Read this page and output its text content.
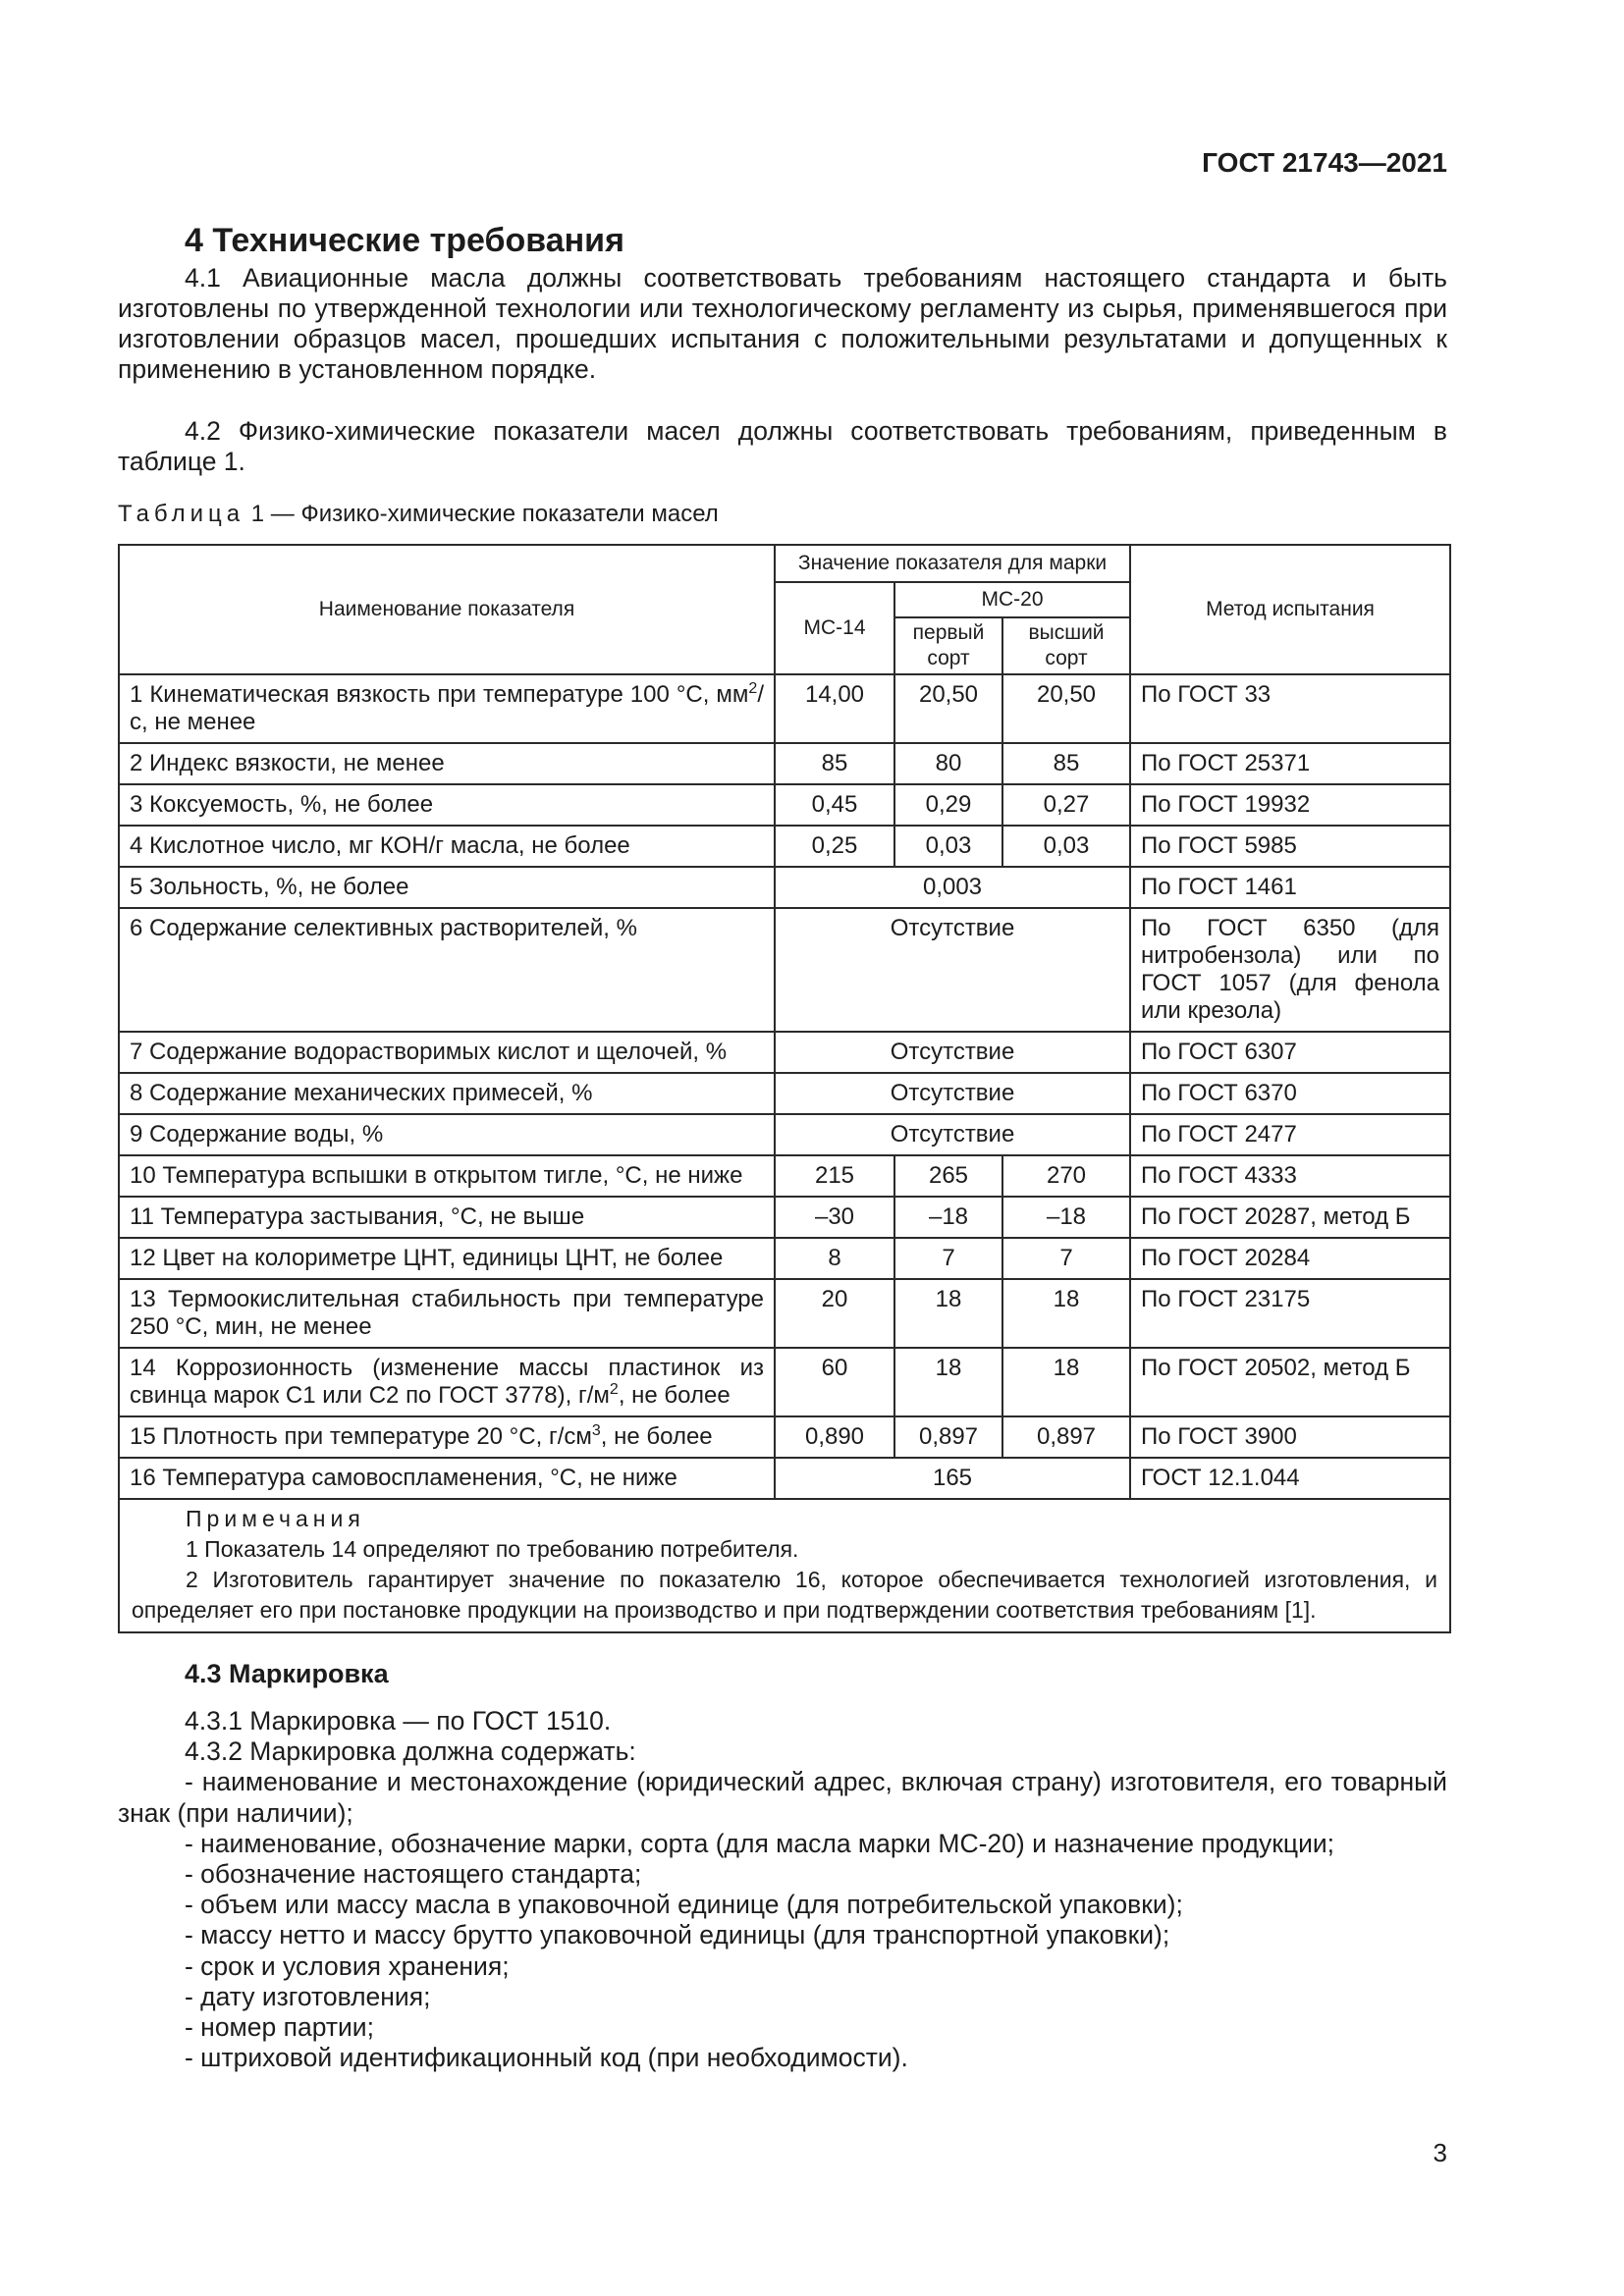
ГОСТ 21743—2021
4 Технические требования

4.1 Авиационные масла должны соответствовать требованиям настоящего стандарта и быть изготовлены по утвержденной технологии или технологическому регламенту из сырья, применявшегося при изготовлении образцов масел, прошедших испытания с положительными результатами и допущенных к применению в установленном порядке.

4.2 Физико-химические показатели масел должны соответствовать требованиям, приведенным в таблице 1.

Таблица 1 — Физико-химические показатели масел
Наименование показателя	Значение показателя для марки			Метод испытания
	МС-14	МС-20		
		первый сорт	высший сорт	
1 Кинематическая вязкость при температуре 100 °C, $мм^2/с$, не менее	14,00	20,50	20,50	По ГОСТ 33
2 Индекс вязкости, не менее	85	80	85	По ГОСТ 25371
3 Коксуемость, %, не более	0,45	0,29	0,27	По ГОСТ 19932
4 Кислотное число, мг КОН/г масла, не более	0,25	0,03	0,03	По ГОСТ 5985
5 Зольность, %, не более	0,003			По ГОСТ 1461
6 Содержание селективных растворителей, %	Отсутствие			По ГОСТ 6350 (для нитробензола) или по ГОСТ 1057 (для фенола или крезола)
7 Содержание водорастворимых кислот и щелочей, %	Отсутствие			По ГОСТ 6307
8 Содержание механических примесей, %	Отсутствие			По ГОСТ 6370
9 Содержание воды, %	Отсутствие			По ГОСТ 2477
10 Температура вспышки в открытом тигле, °C, не ниже	215	265	270	По ГОСТ 4333
11 Температура застывания, °C, не выше	–30	–18	–18	По ГОСТ 20287, метод Б
12 Цвет на колориметре ЦНТ, единицы ЦНТ, не более	8	7	7	По ГОСТ 20284
13 Термоокислительная стабильность при температуре 250 °C, мин, не менее	20	18	18	По ГОСТ 23175
14 Коррозионность (изменение массы пластинок из свинца марок С1 или С2 по ГОСТ 3778), $г/м^2$, не более	60	18	18	По ГОСТ 20502, метод Б
15 Плотность при температуре 20 °C, $г/см^3$, не более	0,890	0,897	0,897	По ГОСТ 3900
16 Температура самовоспламенения, °C, не ниже	165			ГОСТ 12.1.044

Примечания
1 Показатель 14 определяют по требованию потребителя.
2 Изготовитель гарантирует значение по показателю 16, которое обеспечивается технологией изготовления, и определяет его при постановке продукции на производство и при подтверждении соответствия требованиям [1].				
4.3 Маркировка
4.3.1 Маркировка — по ГОСТ 1510.
4.3.2 Маркировка должна содержать:
- наименование и местонахождение (юридический адрес, включая страну) изготовителя, его товарный знак (при наличии);
- наименование, обозначение марки, сорта (для масла марки МС-20) и назначение продукции;
- обозначение настоящего стандарта;
- объем или массу масла в упаковочной единице (для потребительской упаковки);
- массу нетто и массу брутто упаковочной единицы (для транспортной упаковки);
- срок и условия хранения;
- дату изготовления;
- номер партии;
- штриховой идентификационный код (при необходимости).
3
